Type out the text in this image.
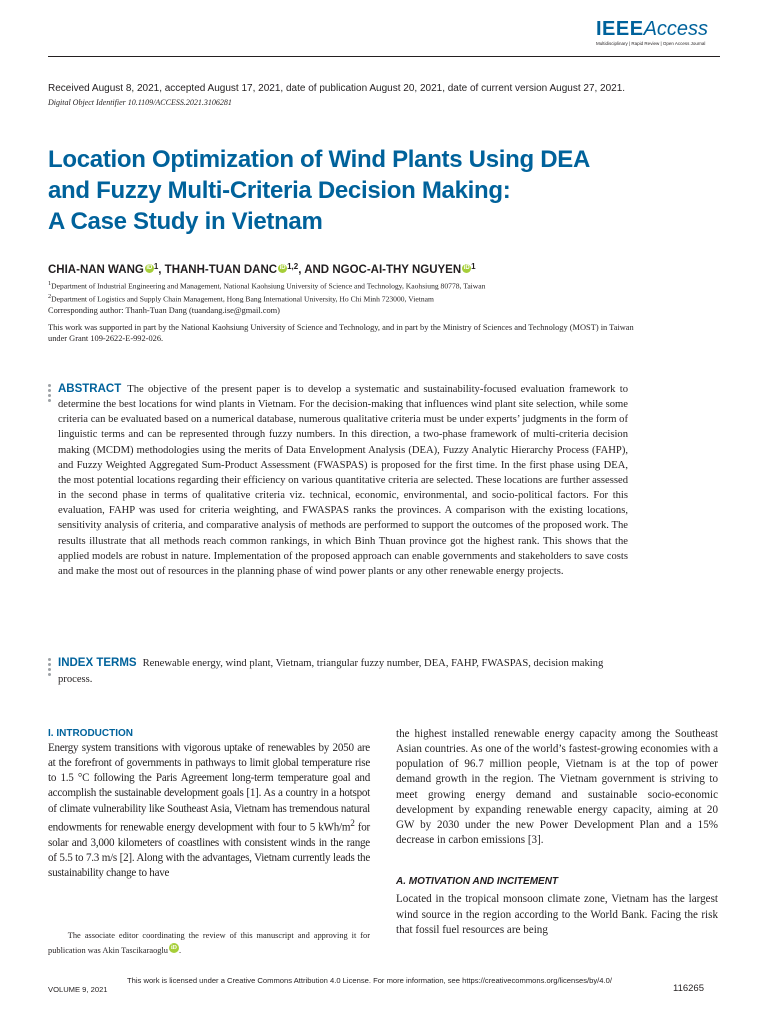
IEEEAccess
Multidisciplinary | Rapid Review | Open Access Journal
Received August 8, 2021, accepted August 17, 2021, date of publication August 20, 2021, date of current version August 27, 2021.
Digital Object Identifier 10.1109/ACCESS.2021.3106281
Location Optimization of Wind Plants Using DEA
and Fuzzy Multi-Criteria Decision Making:
A Case Study in Vietnam
CHIA-NAN WANG iD $^1$, THANH-TUAN DANC iD $^{1,2}$, AND NGOC-AI-THY NGUYEN iD $^1$
$^1$Department of Industrial Engineering and Management, National Kaohsiung University of Science and Technology, Kaohsiung 80778, Taiwan
$^2$Department of Logistics and Supply Chain Management, Hong Bang International University, Ho Chi Minh 723000, Vietnam
Corresponding author: Thanh-Tuan Dang (tuandang.ise@gmail.com)
This work was supported in part by the National Kaohsiung University of Science and Technology, and in part by the Ministry of Sciences and Technology (MOST) in Taiwan under Grant 109-2622-E-992-026.
ABSTRACT The objective of the present paper is to develop a systematic and sustainability-focused evaluation framework to determine the best locations for wind plants in Vietnam. For the decision-making that influences wind plant site selection, while some criteria can be evaluated based on a numerical database, numerous qualitative criteria must be under experts’ judgments in the form of linguistic terms and can be represented through fuzzy numbers. In this direction, a two-phase framework of multi-criteria decision making (MCDM) methodologies using the merits of Data Envelopment Analysis (DEA), Fuzzy Analytic Hierarchy Process (FAHP), and Fuzzy Weighted Aggregated Sum-Product Assessment (FWASPAS) is proposed for the first time. In the first phase using DEA, the most potential locations regarding their efficiency on various quantitative criteria are selected. These locations are further assessed in the second phase in terms of qualitative criteria viz. technical, economic, environmental, and socio-political factors. For this evaluation, FAHP was used for criteria weighting, and FWASPAS ranks the provinces. A comparison with the existing locations, sensitivity analysis of criteria, and comparative analysis of methods are performed to support the outcomes of the proposed work. The results illustrate that all methods reach common rankings, in which Binh Thuan province got the highest rank. This shows that the applied models are robust in nature. Implementation of the proposed approach can enable governments and stakeholders to save costs and make the most out of resources in the planning phase of wind power plants or any other renewable energy projects.
INDEX TERMS Renewable energy, wind plant, Vietnam, triangular fuzzy number, DEA, FAHP, FWASPAS, decision making process.
I. INTRODUCTION
Energy system transitions with vigorous uptake of renewables by 2050 are at the forefront of governments in pathways to limit global temperature rise to 1.5 °C following the Paris Agreement long-term temperature goal and accomplish the sustainable development goals [1]. As a country in a hotspot of climate vulnerability like Southeast Asia, Vietnam has tremendous natural endowments for renewable energy development with four to 5 kWh/$m^2$ for solar and 3,000 kilometers of coastlines with consistent winds in the range of 5.5 to 7.3 m/s [2]. Along with the advantages, Vietnam currently leads the sustainability change to have
The associate editor coordinating the review of this manuscript and approving it for publication was Akin Tascikaraoglu iD .
the highest installed renewable energy capacity among the Southeast Asian countries. As one of the world’s fastest-growing economies with a population of 96.7 million people, Vietnam is at the top of power demand growth in the region. The Vietnam government is striving to meet growing energy demand and sustainable socio-economic development by expanding renewable energy capacity, aiming at 20 GW by 2030 under the new Power Development Plan and a 15% decrease in carbon emissions [3].
A. MOTIVATION AND INCITEMENT
Located in the tropical monsoon climate zone, Vietnam has the largest wind source in the region according to the World Bank. Facing the risk that fossil fuel resources are being
VOLUME 9, 2021
This work is licensed under a Creative Commons Attribution 4.0 License. For more information, see https://creativecommons.org/licenses/by/4.0/
116265
